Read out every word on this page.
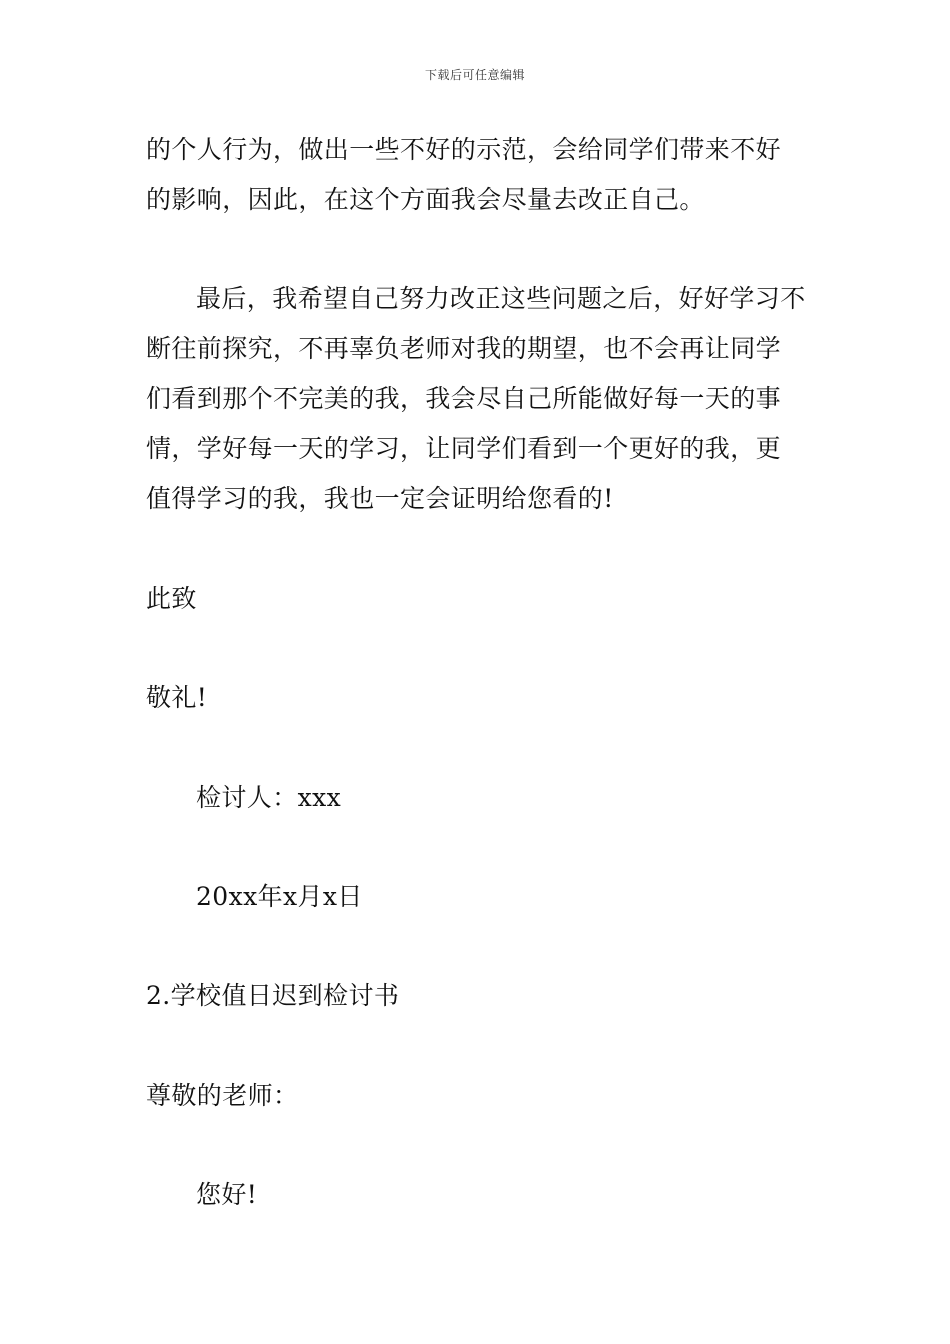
下载后可任意编辑
的个人行为，做出一些不好的示范，会给同学们带来不好的影响，因此，在这个方面我会尽量去改正自己。
最后，我希望自己努力改正这些问题之后，好好学习不断往前探究，不再辜负老师对我的期望，也不会再让同学们看到那个不完美的我，我会尽自己所能做好每一天的事情，学好每一天的学习，让同学们看到一个更好的我，更值得学习的我，我也一定会证明给您看的!
此致
敬礼!
检讨人：xxx
20xx年x月x日
2.学校值日迟到检讨书
尊敬的老师：
您好!
